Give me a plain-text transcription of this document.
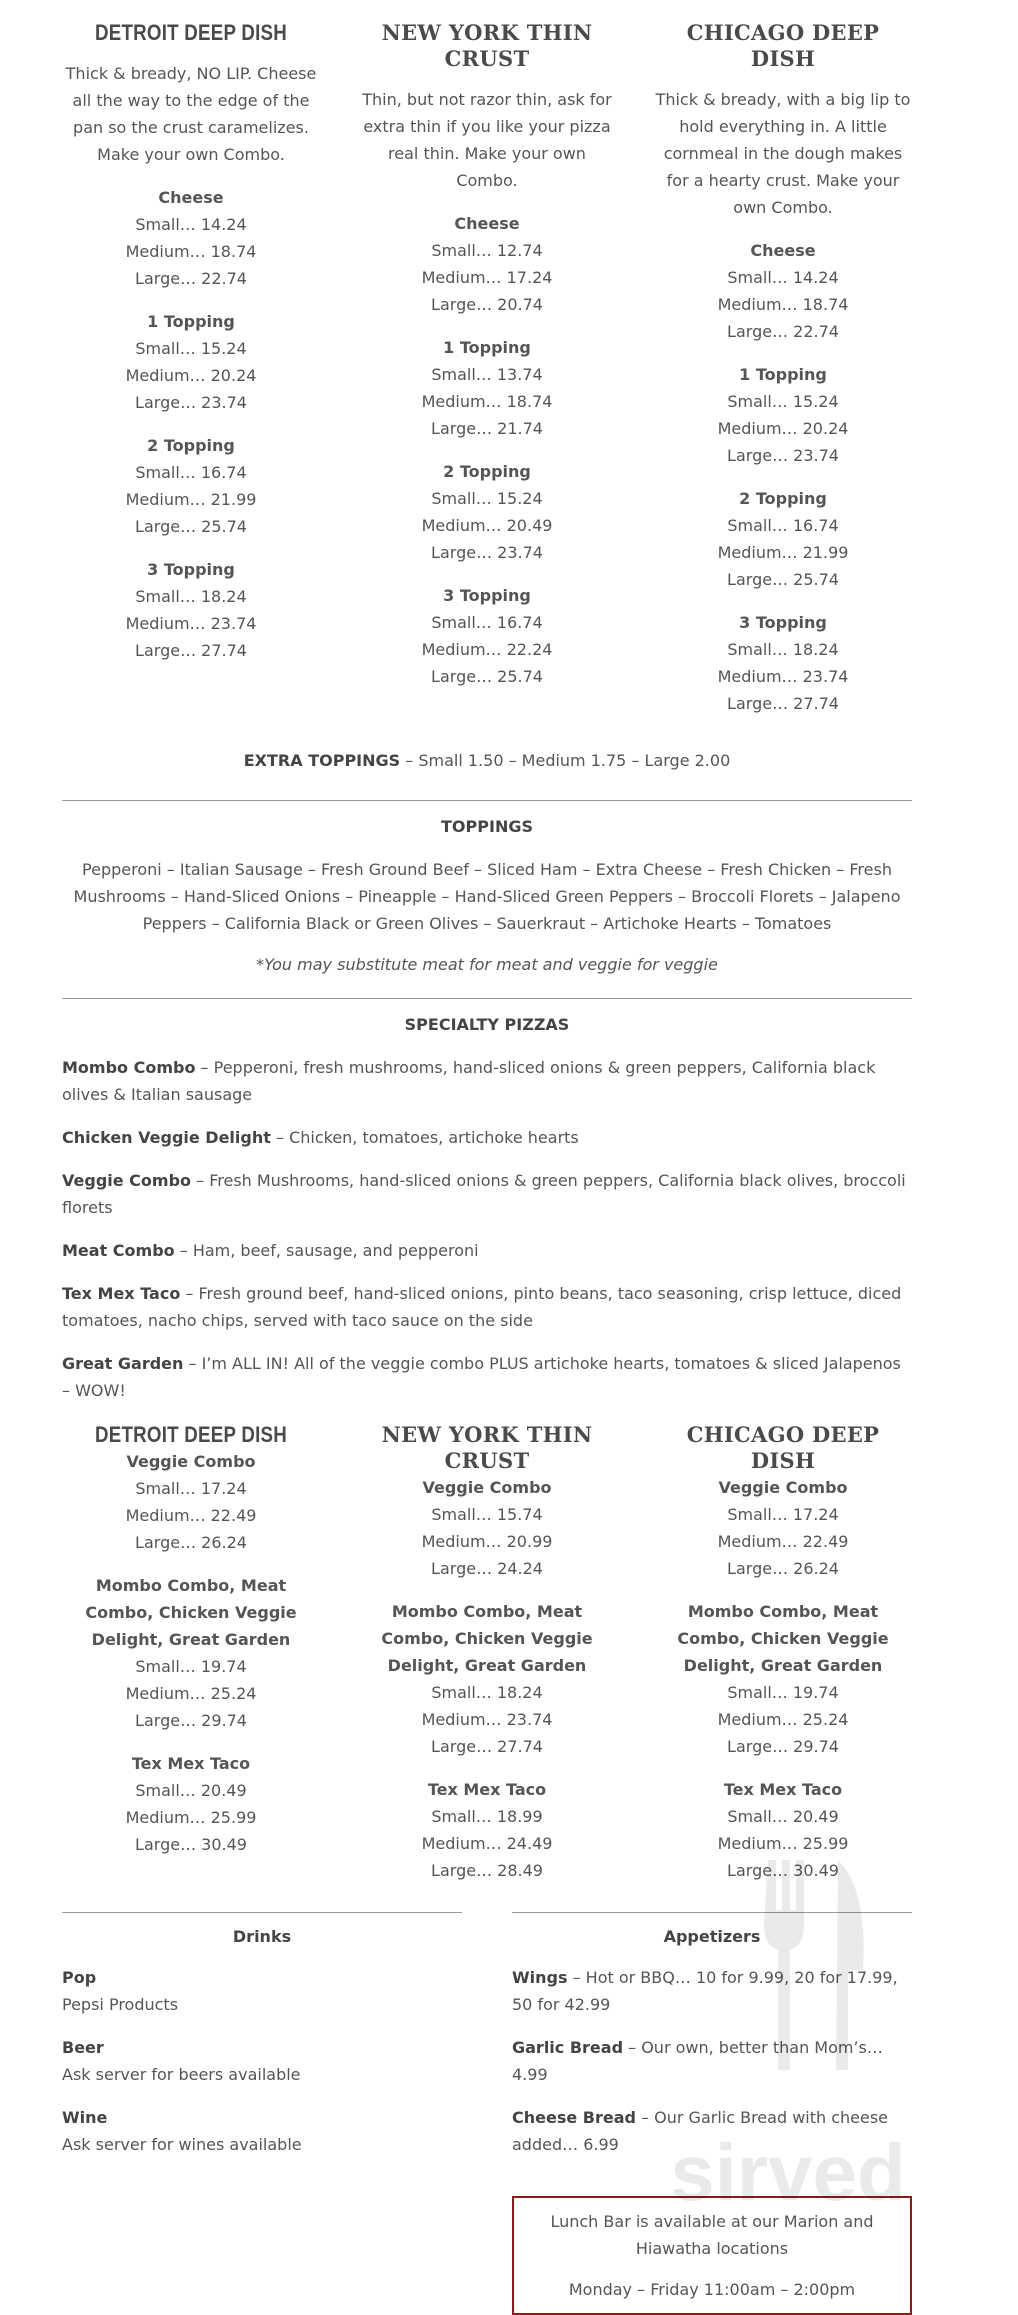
DETROIT DEEP DISH

Thick & bready, NO LIP. Cheese all the way to the edge of the pan so the crust caramelizes. Make your own Combo.

Cheese
Small… 14.24
Medium… 18.74
Large… 22.74
1 Topping
Small… 15.24
Medium… 20.24
Large… 23.74
2 Topping
Small… 16.74
Medium… 21.99
Large… 25.74
3 Topping
Small… 18.24
Medium… 23.74
Large… 27.74
NEW YORK THIN CRUST

Thin, but not razor thin, ask for extra thin if you like your pizza real thin. Make your own Combo.

Cheese
Small… 12.74
Medium… 17.24
Large… 20.74
1 Topping
Small… 13.74
Medium… 18.74
Large… 21.74
2 Topping
Small… 15.24
Medium… 20.49
Large… 23.74
3 Topping
Small… 16.74
Medium… 22.24
Large… 25.74
CHICAGO DEEP DISH

Thick & bready, with a big lip to hold everything in. A little cornmeal in the dough makes for a hearty crust. Make your own Combo.

Cheese
Small… 14.24
Medium… 18.74
Large… 22.74
1 Topping
Small… 15.24
Medium… 20.24
Large… 23.74
2 Topping
Small… 16.74
Medium… 21.99
Large… 25.74
3 Topping
Small… 18.24
Medium… 23.74
Large… 27.74
EXTRA TOPPINGS – Small 1.50 – Medium 1.75 – Large 2.00
TOPPINGS
Pepperoni – Italian Sausage – Fresh Ground Beef – Sliced Ham – Extra Cheese – Fresh Chicken – Fresh Mushrooms – Hand-Sliced Onions – Pineapple – Hand-Sliced Green Peppers – Broccoli Florets – Jalapeno Peppers – California Black or Green Olives – Sauerkraut – Artichoke Hearts – Tomatoes
*You may substitute meat for meat and veggie for veggie
SPECIALTY PIZZAS

Mombo Combo – Pepperoni, fresh mushrooms, hand-sliced onions & green peppers, California black olives & Italian sausage

Chicken Veggie Delight – Chicken, tomatoes, artichoke hearts

Veggie Combo – Fresh Mushrooms, hand-sliced onions & green peppers, California black olives, broccoli florets

Meat Combo – Ham, beef, sausage, and pepperoni

Tex Mex Taco – Fresh ground beef, hand-sliced onions, pinto beans, taco seasoning, crisp lettuce, diced tomatoes, nacho chips, served with taco sauce on the side

Great Garden – I’m ALL IN! All of the veggie combo PLUS artichoke hearts, tomatoes & sliced Jalapenos – WOW!

DETROIT DEEP DISH
Veggie Combo
Small… 17.24
Medium… 22.49
Large… 26.24
Mombo Combo, Meat Combo, Chicken Veggie Delight, Great Garden
Small… 19.74
Medium… 25.24
Large… 29.74
Tex Mex Taco
Small… 20.49
Medium… 25.99
Large… 30.49
NEW YORK THIN CRUST
Veggie Combo
Small… 15.74
Medium… 20.99
Large… 24.24
Mombo Combo, Meat Combo, Chicken Veggie Delight, Great Garden
Small… 18.24
Medium… 23.74
Large… 27.74
Tex Mex Taco
Small… 18.99
Medium… 24.49
Large… 28.49
CHICAGO DEEP DISH
Veggie Combo
Small… 17.24
Medium… 22.49
Large… 26.24
Mombo Combo, Meat Combo, Chicken Veggie Delight, Great Garden
Small… 19.74
Medium… 25.24
Large… 29.74
Tex Mex Taco
Small… 20.49
Medium… 25.99
Large… 30.49
Drinks
Pop
Pepsi Products
Beer
Ask server for beers available
Wine
Ask server for wines available
Appetizers
Wings – Hot or BBQ… 10 for 9.99, 20 for 17.99, 50 for 42.99
Garlic Bread – Our own, better than Mom’s… 4.99
Cheese Bread – Our Garlic Bread with cheese added… 6.99

Lunch Bar is available at our Marion and Hiawatha locations

Monday – Friday 11:00am – 2:00pm

sirved
